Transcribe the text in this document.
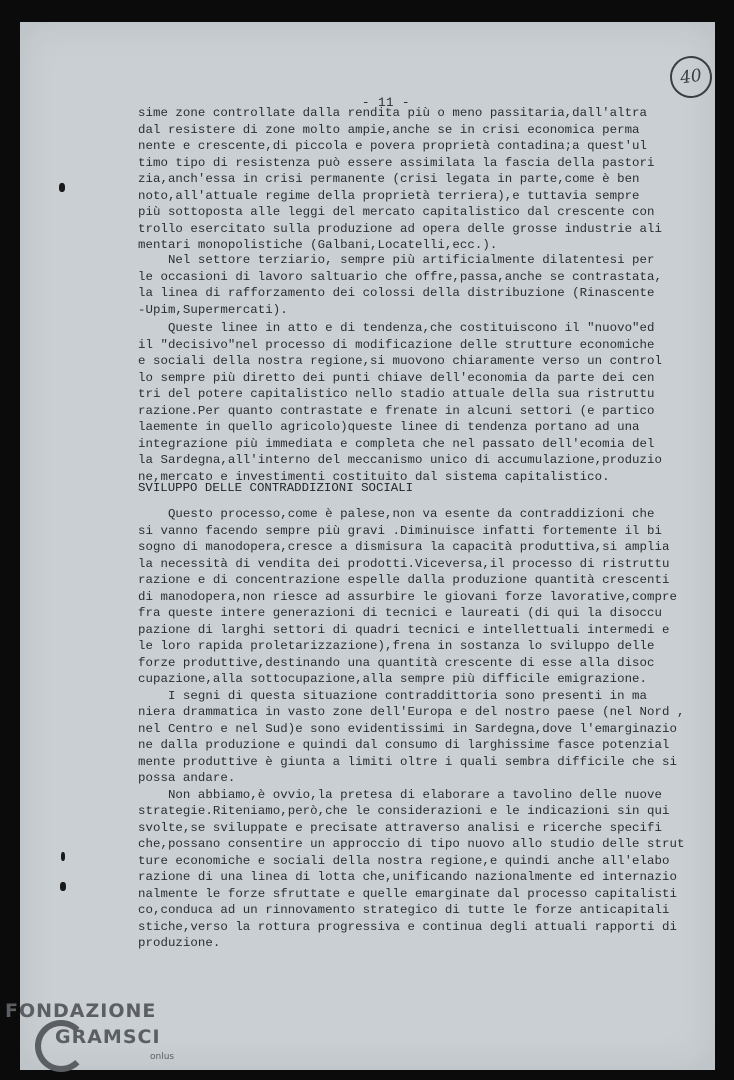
- 11 -
40
sime zone controllate dalla rendita più o meno passitaria,dall'altra
dal resistere di zone molto ampie,anche se in crisi economica perma
nente e crescente,di piccola e povera proprietà contadina;a quest'ul
timo tipo di resistenza può essere assimilata la fascia della pastori
zia,anch'essa in crisi permanente (crisi legata in parte,come è ben
noto,all'attuale regime della proprietà terriera),e tuttavia sempre
più sottoposta alle leggi del mercato capitalistico dal crescente con
trollo esercitato sulla produzione ad opera delle grosse industrie ali
mentari monopolistiche (Galbani,Locatelli,ecc.).
Nel settore terziario, sempre più artificialmente dilatentesi per
le occasioni di lavoro saltuario che offre,passa,anche se contrastata,
la linea di rafforzamento dei colossi della distribuzione (Rinascente
-Upim,Supermercati).
Queste linee in atto e di tendenza,che costituiscono il "nuovo"ed
il "decisivo"nel processo di modificazione delle strutture economiche
e sociali della nostra regione,si muovono chiaramente verso un control
lo sempre più diretto dei punti chiave dell'economia da parte dei cen
tri del potere capitalistico nello stadio attuale della sua ristruttu
razione.Per quanto contrastate e frenate in alcuni settori (e partico
laemente in quello agricolo)queste linee di tendenza portano ad una
integrazione più immediata e completa che nel passato dell'ecomia del
la Sardegna,all'interno del meccanismo unico di accumulazione,produzio
ne,mercato e investimenti costituito dal sistema capitalistico.
SVILUPPO DELLE CONTRADDIZIONI SOCIALI
Questo processo,come è palese,non va esente da contraddizioni che
si vanno facendo sempre più gravi .Diminuisce infatti fortemente il bi
sogno di manodopera,cresce a dismisura la capacità produttiva,si amplia
la necessità di vendita dei prodotti.Viceversa,il processo di ristruttu
razione e di concentrazione espelle dalla produzione quantità crescenti
di manodopera,non riesce ad assurbire le giovani forze lavorative,compre
fra queste intere generazioni di tecnici e laureati (di qui la disoccu
pazione di larghi settori di quadri tecnici e intellettuali intermedi e
le loro rapida proletarizzazione),frena in sostanza lo sviluppo delle
forze produttive,destinando una quantità crescente di esse alla disoc
cupazione,alla sottocupazione,alla sempre più difficile emigrazione.
I segni di questa situazione contraddittoria sono presenti in ma
niera drammatica in vasto zone dell'Europa e del nostro paese (nel Nord ,
nel Centro e nel Sud)e sono evidentissimi in Sardegna,dove l'emarginazio
ne dalla produzione e quindi dal consumo di larghissime fasce potenzial
mente produttive è giunta a limiti oltre i quali sembra difficile che si
possa andare.
Non abbiamo,è ovvio,la pretesa di elaborare a tavolino delle nuove
strategie.Riteniamo,però,che le considerazioni e le indicazioni sin qui
svolte,se sviluppate e precisate attraverso analisi e ricerche specifi
che,possano consentire un approccio di tipo nuovo allo studio delle strut
ture economiche e sociali della nostra regione,e quindi anche all'elabo
razione di una linea di lotta che,unificando nazionalmente ed internazio
nalmente le forze sfruttate e quelle emarginate dal processo capitalisti
co,conduca ad un rinnovamento strategico di tutte le forze anticapitali
stiche,verso la rottura progressiva e continua degli attuali rapporti di
produzione.
FONDAZIONE
GRAMSCI
onlus
